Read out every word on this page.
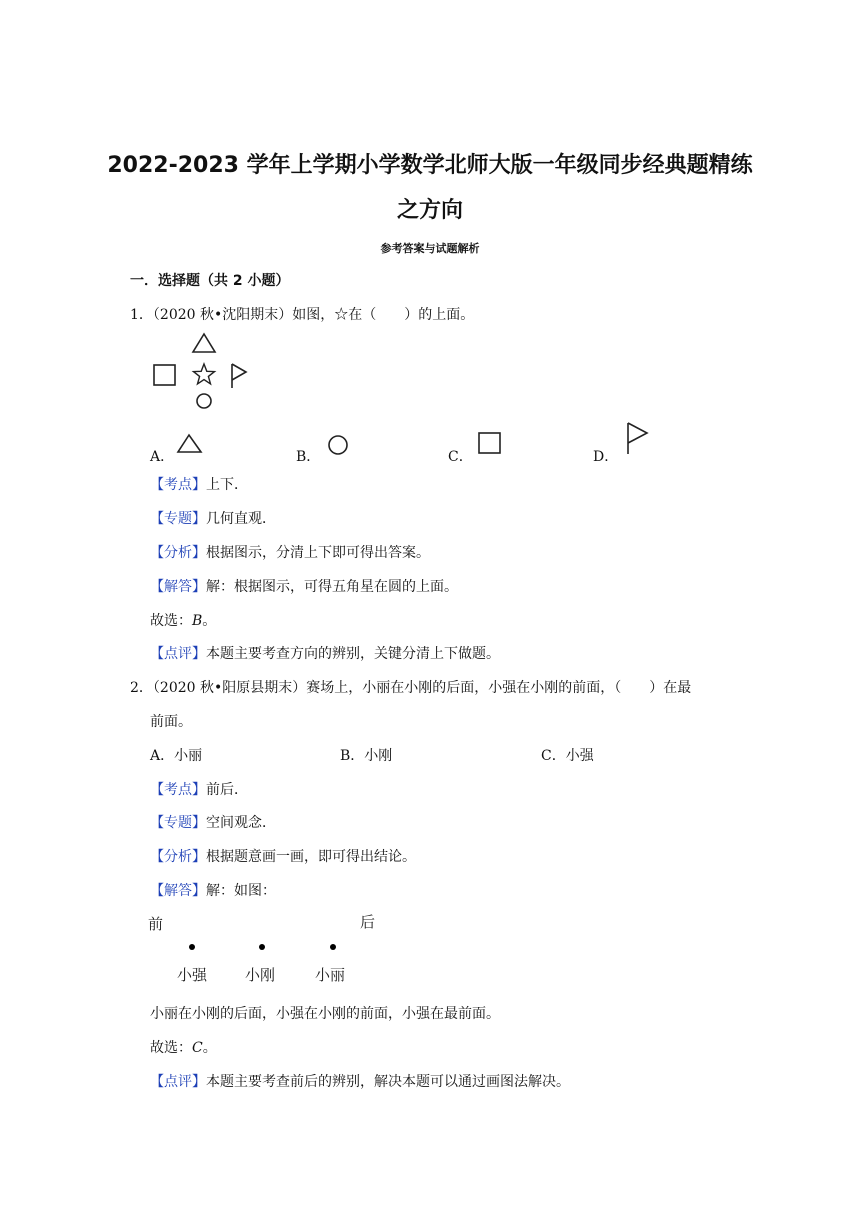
2022-2023 学年上学期小学数学北师大版一年级同步经典题精练
之方向
参考答案与试题解析
一．选择题（共 2 小题）
1．（2020 秋•沈阳期末）如图，☆在（　　）的上面。
A．	B．	C．	D．
【考点】上下．
【专题】几何直观．
【分析】根据图示，分清上下即可得出答案。
【解答】解：根据图示，可得五角星在圆的上面。
故选：B。
【点评】本题主要考查方向的辨别，关键分清上下做题。
2．（2020 秋•阳原县期末）赛场上，小丽在小刚的后面，小强在小刚的前面，（　　）在最
前面。
A．小丽	B．小刚	C．小强
【考点】前后．
【专题】空间观念．
【分析】根据题意画一画，即可得出结论。
【解答】解：如图：
前	后
小强	小刚	小丽
小丽在小刚的后面，小强在小刚的前面，小强在最前面。
故选：C。
【点评】本题主要考查前后的辨别，解决本题可以通过画图法解决。
